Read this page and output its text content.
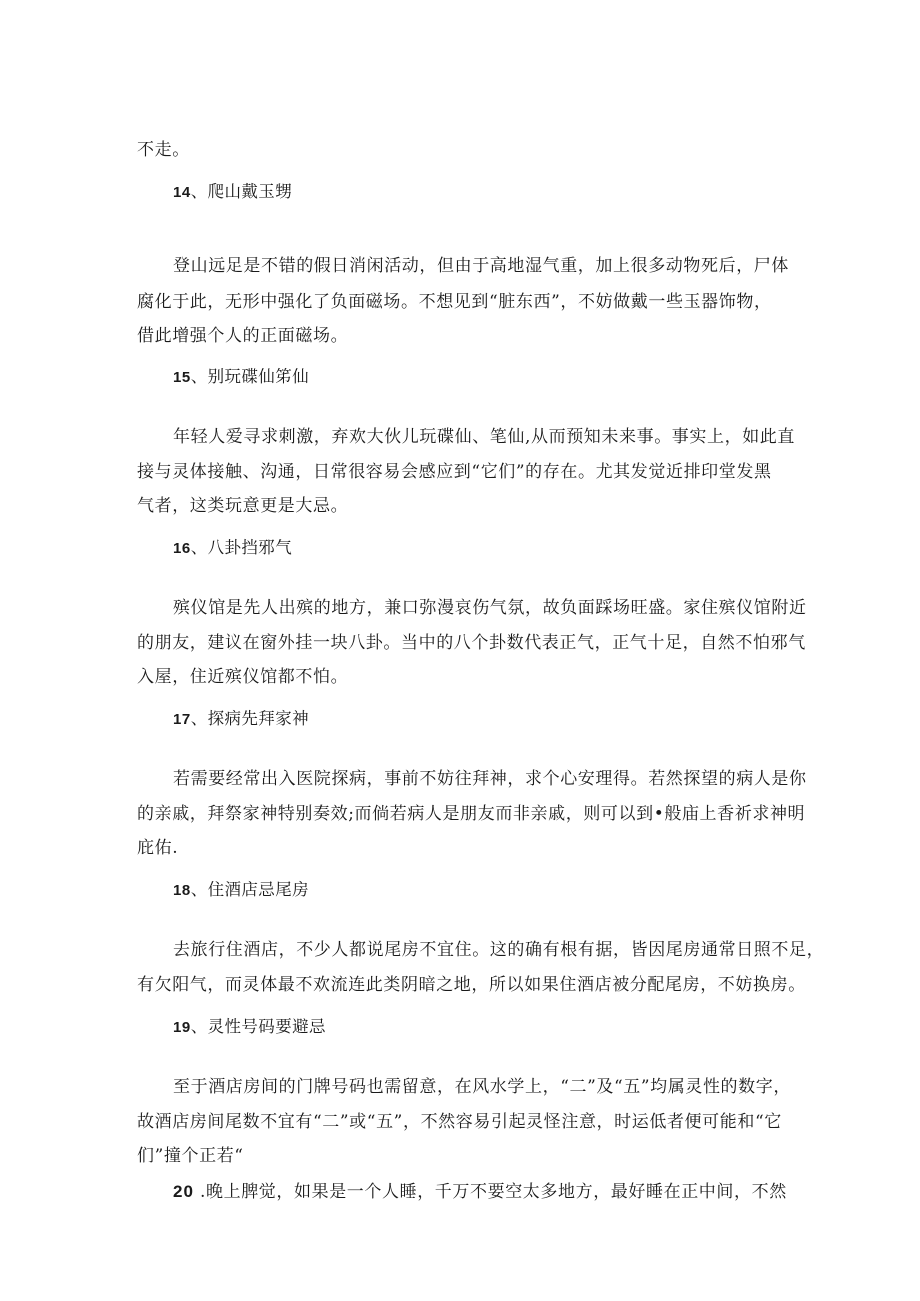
不走。
14、爬山戴玉甥
登山远足是不错的假日消闲活动，但由于高地湿气重，加上很多动物死后，尸体
腐化于此，无形中强化了负面磁场。不想见到“脏东西”，不妨做戴一些玉器饰物，
借此增强个人的正面磁场。
15、别玩碟仙笫仙
年轻人爱寻求刺激，弃欢大伙儿玩碟仙、笔仙,从而预知未来事。事实上，如此直
接与灵体接触、沟通，日常很容易会感应到“它们”的存在。尤其发觉近排印堂发黑
气者，这类玩意更是大忌。
16、八卦挡邪气
殡仪馆是先人出殡的地方，兼口弥漫哀伤气氛，故负面踩场旺盛。家住殡仪馆附近
的朋友，建议在窗外挂一块八卦。当中的八个卦数代表正气，正气十足，自然不怕邪气
入屋，住近殡仪馆都不怕。
17、探病先拜家神
若需要经常出入医院探病，事前不妨往拜神，求个心安理得。若然探望的病人是你
的亲戚，拜祭家神特别奏效;而倘若病人是朋友而非亲戚，则可以到•般庙上香祈求神明
庇佑.
18、住酒店忌尾房
去旅行住酒店，不少人都说尾房不宜住。这的确有根有据，皆因尾房通常日照不足，
有欠阳气，而灵体最不欢流连此类阴暗之地，所以如果住酒店被分配尾房，不妨换房。
19、灵性号码要避忌
至于酒店房间的门牌号码也需留意，在风水学上，“二”及“五”均属灵性的数字，
故酒店房间尾数不宜有“二”或“五”，不然容易引起灵怪注意，时运低者便可能和“它
们”撞个正若“
20 .晚上脾觉，如果是一个人睡，千万不要空太多地方，最好睡在正中间，不然
